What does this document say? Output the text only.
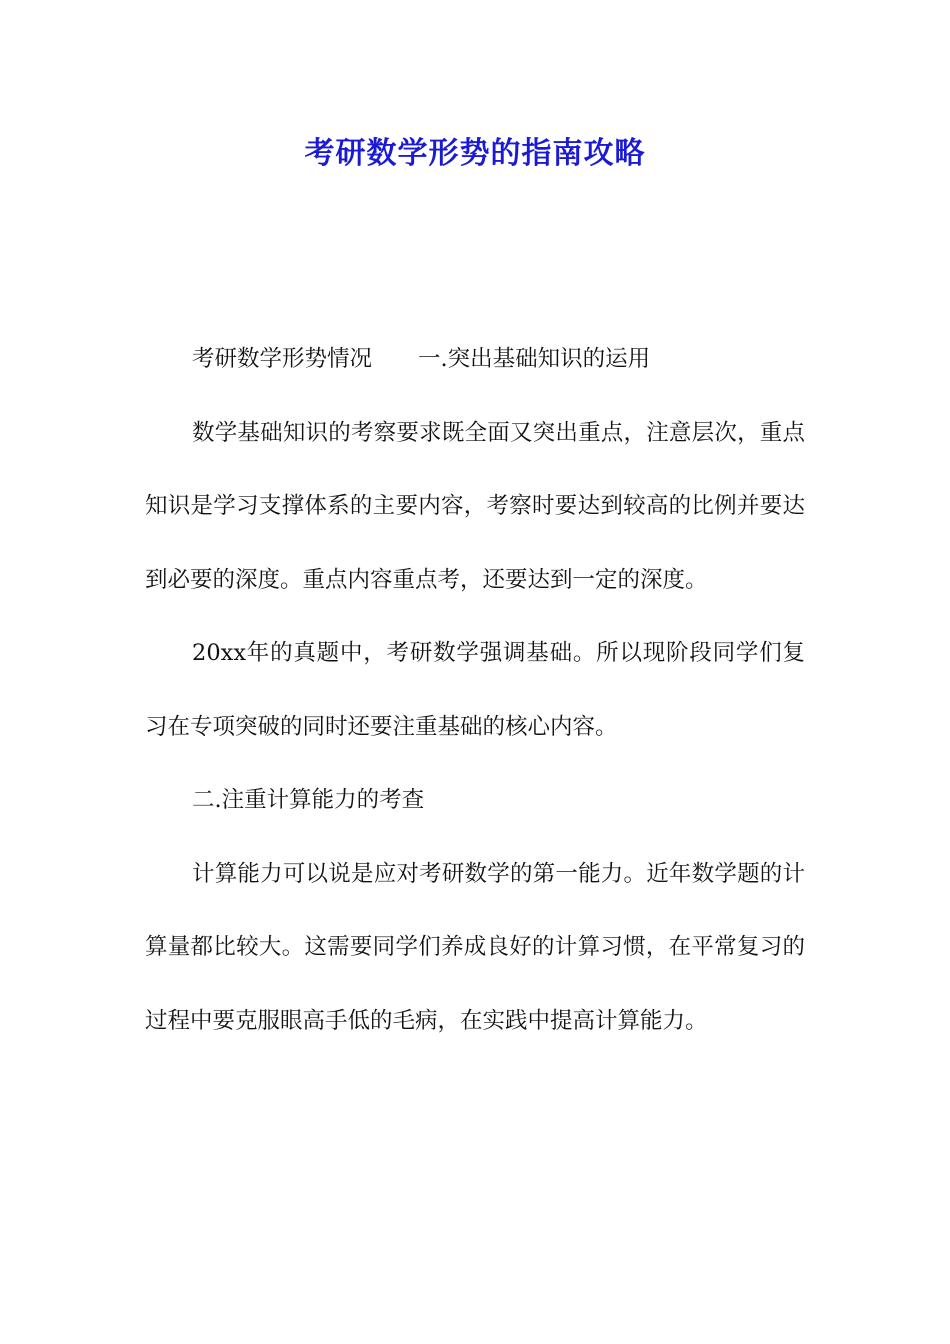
考研数学形势的指南攻略

考研数学形势情况 一.突出基础知识的运用

数学基础知识的考察要求既全面又突出重点，注意层次，重点知识是学习支撑体系的主要内容，考察时要达到较高的比例并要达到必要的深度。重点内容重点考，还要达到一定的深度。

20xx年的真题中，考研数学强调基础。所以现阶段同学们复习在专项突破的同时还要注重基础的核心内容。

二.注重计算能力的考查

计算能力可以说是应对考研数学的第一能力。近年数学题的计算量都比较大。这需要同学们养成良好的计算习惯，在平常复习的过程中要克服眼高手低的毛病，在实践中提高计算能力。
